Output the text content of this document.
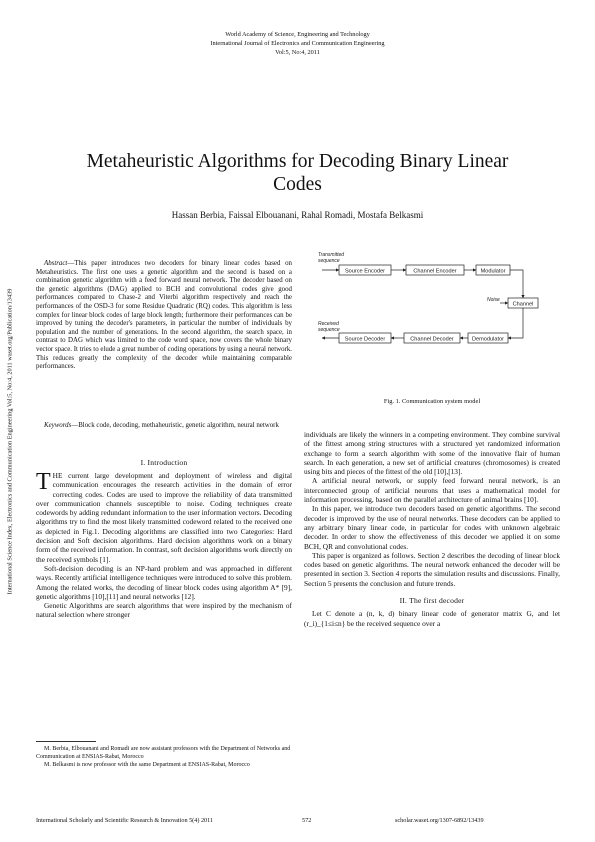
World Academy of Science, Engineering and Technology
International Journal of Electronics and Communication Engineering
Vol:5, No:4, 2011
Metaheuristic Algorithms for Decoding Binary Linear Codes
Hassan Berbia, Faissal Elbouanani, Rahal Romadi, Mostafa Belkasmi
International Science Index, Electronics and Communication Engineering Vol:5, No:4, 2011 waset.org/Publication/13439

Abstract—This paper introduces two decoders for binary linear codes based on Metaheuristics. The first one uses a genetic algorithm and the second is based on a combination genetic algorithm with a feed forward neural network. The decoder based on the genetic algorithms (DAG) applied to BCH and convolutional codes give good performances compared to Chase-2 and Viterbi algorithm respectively and reach the performances of the OSD-3 for some Residue Quadratic (RQ) codes. This algorithm is less complex for linear block codes of large block length; furthermore their performances can be improved by tuning the decoder's parameters, in particular the number of individuals by population and the number of generations. In the second algorithm, the search space, in contrast to DAG which was limited to the code word space, now covers the whole binary vector space. It tries to elude a great number of coding operations by using a neural network. This reduces greatly the complexity of the decoder while maintaining comparable performances.

Keywords—Block code, decoding, methaheuristic, genetic algorithm, neural network

I. Introduction

THE current large development and deployment of wireless and digital communication encourages the research activities in the domain of error correcting codes. Codes are used to improve the reliability of data transmitted over communication channels susceptible to noise. Coding techniques create codewords by adding redundant information to the user information vectors. Decoding algorithms try to find the most likely transmitted codeword related to the received one as depicted in Fig.1. Decoding algorithms are classified into two Categories: Hard decision and Soft decision algorithms. Hard decision algorithms work on a binary form of the received information. In contrast, soft decision algorithms work directly on the received symbols [1].

Soft-decision decoding is an NP-hard problem and was approached in different ways. Recently artificial intelligence techniques were introduced to solve this problem. Among the related works, the decoding of linear block codes using algorithm A* [9], genetic algorithms [10],[11] and neural networks [12].

Genetic Algorithms are search algorithms that were inspired by the mechanism of natural selection where stronger

M. Berbia, Elbouanani and Romadi are now assistant professors with the Department of Networks and Communication at ENSIAS-Rabat, Morocco
M. Belkasmi is now professor with the same Department at ENSIAS-Rabat, Morocco
Source Encoder	Channel Encoder	Modulator
Channel
Source Decoder	Channel Decoder	Demodulator
Transmitted
sequence
Received
sequence
Noise
Fig. 1. Communication system model

individuals are likely the winners in a competing environment. They combine survival of the fittest among string structures with a structured yet randomized information exchange to form a search algorithm with some of the innovative flair of human search. In each generation, a new set of artificial creatures (chromosomes) is created using bits and pieces of the fittest of the old [10],[13].

A artificial neural network, or supply feed forward neural network, is an interconnected group of artificial neurons that uses a mathematical model for information processing, based on the parallel architecture of animal brains [10].

In this paper, we introduce two decoders based on genetic algorithms. The second decoder is improved by the use of neural networks. These decoders can be applied to any arbitrary binary linear code, in particular for codes with unknown algebraic decoder. In order to show the effectiveness of this decoder we applied it on some BCH, QR and convolutional codes.

This paper is organized as follows. Section 2 describes the decoding of linear block codes based on genetic algorithms. The neural network enhanced the decoder will be presented in section 3. Section 4 reports the simulation results and discussions. Finally, Section 5 presents the conclusion and future trends.

II. The first decoder

Let C denote a (n, k, d) binary linear code of generator matrix G, and let (r_i)_{1≤i≤n} be the received sequence over a

International Scholarly and Scientific Research & Innovation 5(4) 2011	572	scholar.waset.org/1307-6892/13439
